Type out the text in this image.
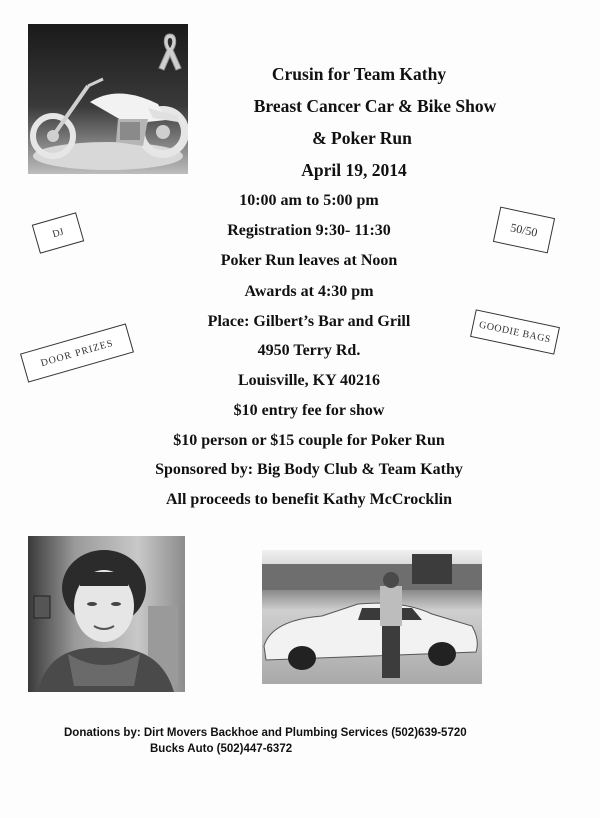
Crusin for Team Kathy
Breast Cancer Car & Bike Show
& Poker Run
April 19, 2014
10:00 am to 5:00 pm
Registration 9:30- 11:30
Poker Run leaves at Noon
Awards at 4:30 pm
Place: Gilbert’s Bar and Grill
4950 Terry Rd.
Louisville, KY 40216
$10 entry fee for show
$10 person or $15 couple for Poker Run
Sponsored by: Big Body Club & Team Kathy
All proceeds to benefit Kathy McCrocklin
DJ	50/50
DOOR PRIZES
GOODIE BAGS
Donations by: Dirt Movers Backhoe and Plumbing Services (502)639-5720
Bucks Auto (502)447-6372
